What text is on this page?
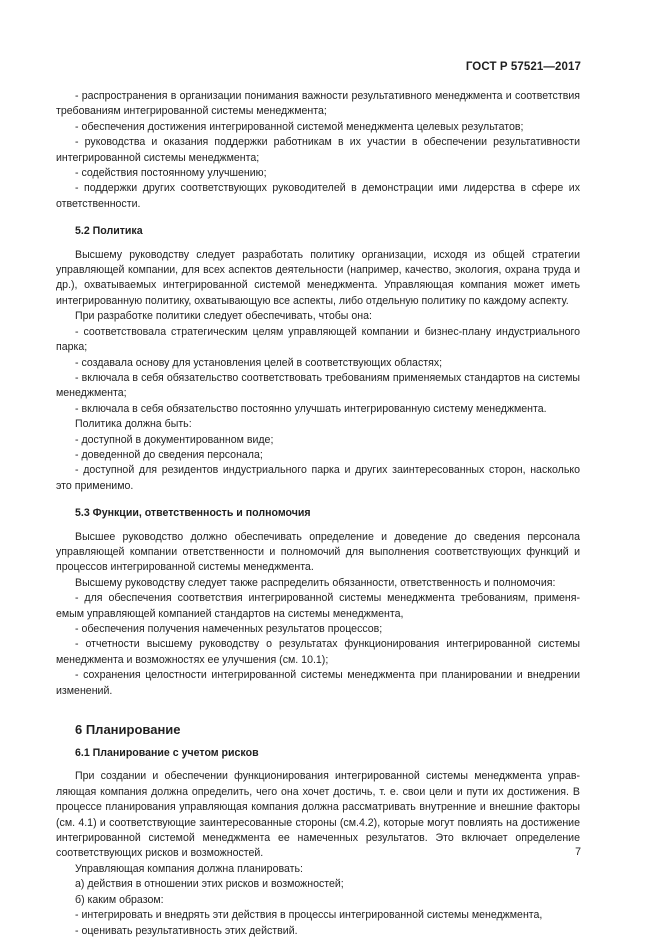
ГОСТ Р 57521—2017

- распространения в организации понимания важности результативного менеджмента и соответствия требованиям интегрированной системы менеджмента;

- обеспечения достижения интегрированной системой менеджмента целевых результатов;

- руководства и оказания поддержки работникам в их участии в обеспечении результативности интегрированной системы менеджмента;

- содействия постоянному улучшению;

- поддержки других соответствующих руководителей в демонстрации ими лидерства в сфере их ответственности.

5.2 Политика

Высшему руководству следует разработать политику организации, исходя из общей стратегии управляющей компании, для всех аспектов деятельности (например, качество, экология, охрана труда и др.), охватываемых интегрированной системой менеджмента. Управляющая компания может иметь интегрированную политику, охватывающую все аспекты, либо отдельную политику по каждому аспекту.

При разработке политики следует обеспечивать, чтобы она:

- соответствовала стратегическим целям управляющей компании и бизнес-плану индустриального парка;

- создавала основу для установления целей в соответствующих областях;

- включала в себя обязательство соответствовать требованиям применяемых стандартов на системы менеджмента;

- включала в себя обязательство постоянно улучшать интегрированную систему менеджмента.

Политика должна быть:

- доступной в документированном виде;

- доведенной до сведения персонала;

- доступной для резидентов индустриального парка и других заинтересованных сторон, насколько это применимо.

5.3 Функции, ответственность и полномочия

Высшее руководство должно обеспечивать определение и доведение до сведения персонала управляющей компании ответственности и полномочий для выполнения соответствующих функций и процессов интегрированной системы менеджмента.

Высшему руководству следует также распределить обязанности, ответственность и полномочия:

- для обеспечения соответствия интегрированной системы менеджмента требованиям, применяемым управляющей компанией стандартов на системы менеджмента,

- обеспечения получения намеченных результатов процессов;

- отчетности высшему руководству о результатах функционирования интегрированной системы менеджмента и возможностях ее улучшения (см. 10.1);

- сохранения целостности интегрированной системы менеджмента при планировании и внедрении изменений.

6 Планирование
6.1 Планирование с учетом рисков

При создании и обеспечении функционирования интегрированной системы менеджмента управляющая компания должна определить, чего она хочет достичь, т. е. свои цели и пути их достижения. В процессе планирования управляющая компания должна рассматривать внутренние и внешние факторы (см. 4.1) и соответствующие заинтересованные стороны (см.4.2), которые могут повлиять на достижение интегрированной системой менеджмента ее намеченных результатов. Это включает определение соответствующих рисков и возможностей.

Управляющая компания должна планировать:

а) действия в отношении этих рисков и возможностей;

б) каким образом:

- интегрировать и внедрять эти действия в процессы интегрированной системы менеджмента,

- оценивать результативность этих действий.

7
